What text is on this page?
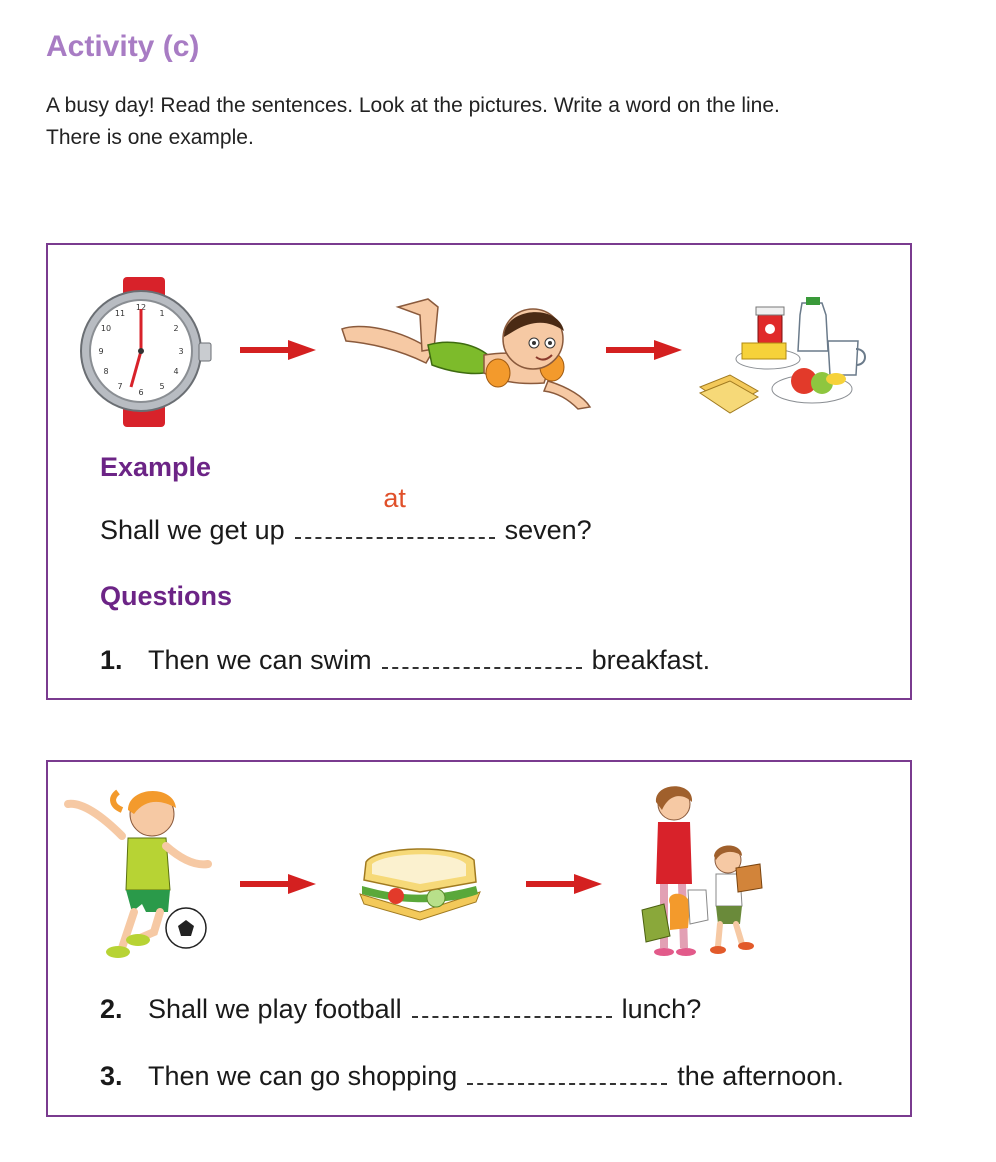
Activity (c)
A busy day! Read the sentences. Look at the pictures. Write a word on the line.
There is one example.
12
1
2
3
4
5
6
7
8
9
10
11
Example
Shall we get up
at
seven?
Questions
1. Then we can swim	breakfast.
2. Shall we play football	lunch?
3. Then we can go shopping	the afternoon.
